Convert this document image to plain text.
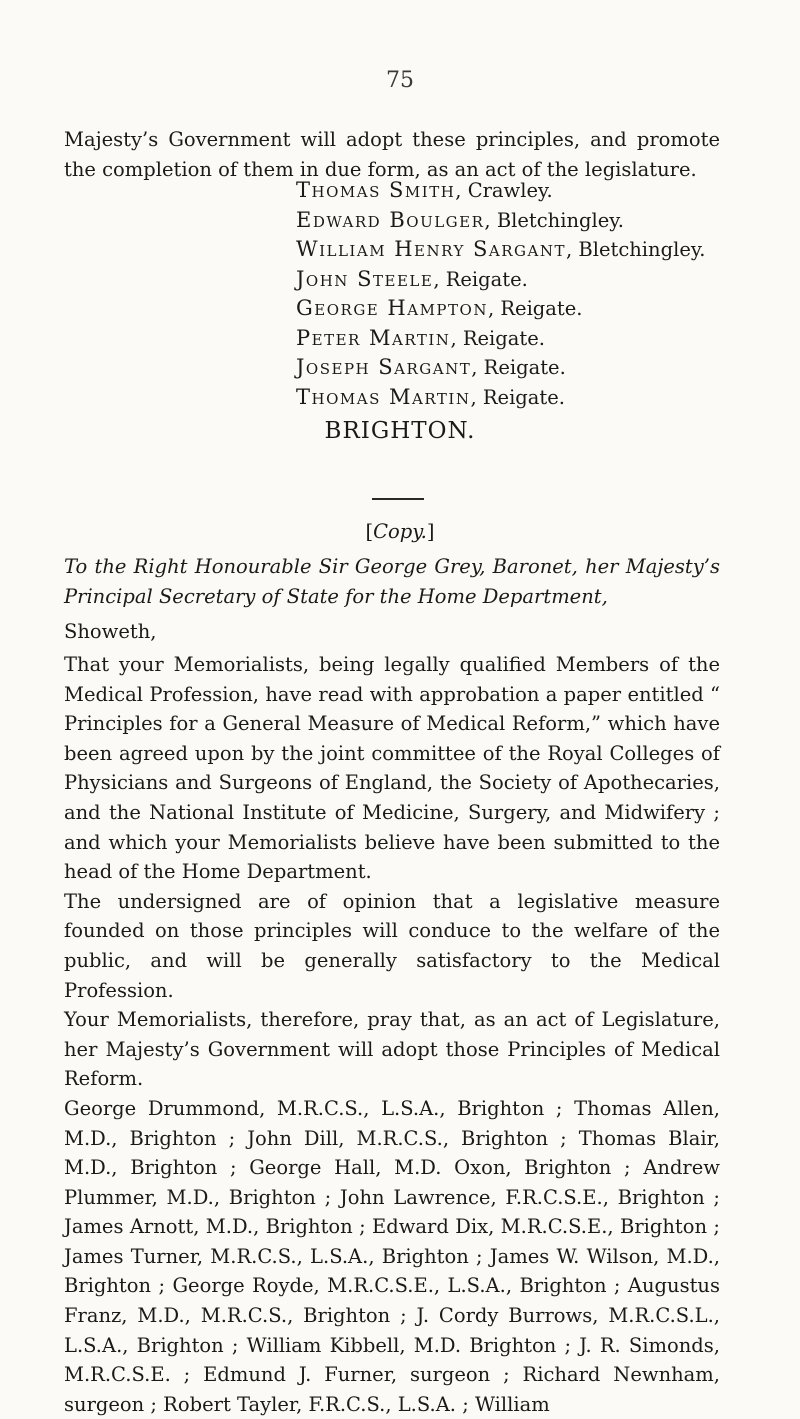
75
Majesty’s Government will adopt these principles, and promote the completion of them in due form, as an act of the legislature.
Thomas Smith, Crawley.
Edward Boulger, Bletchingley.
William Henry Sargant, Bletchingley.
John Steele, Reigate.
George Hampton, Reigate.
Peter Martin, Reigate.
Joseph Sargant, Reigate.
Thomas Martin, Reigate.
BRIGHTON.
[Copy.]
To the Right Honourable Sir George Grey, Baronet, her Majesty’s Principal Secretary of State for the Home Department,
Showeth,

That your Memorialists, being legally qualified Members of the Medical Profession, have read with approbation a paper entitled “ Principles for a General Measure of Medical Reform,” which have been agreed upon by the joint committee of the Royal Colleges of Physicians and Surgeons of England, the Society of Apothecaries, and the National Institute of Medicine, Surgery, and Midwifery ; and which your Memorialists believe have been submitted to the head of the Home Department.

The undersigned are of opinion that a legislative measure founded on those principles will conduce to the welfare of the public, and will be generally satisfactory to the Medical Profession.

Your Memorialists, therefore, pray that, as an act of Legislature, her Majesty’s Government will adopt those Principles of Medical Reform.

George Drummond, M.R.C.S., L.S.A., Brighton ; Thomas Allen, M.D., Brighton ; John Dill, M.R.C.S., Brighton ; Thomas Blair, M.D., Brighton ; George Hall, M.D. Oxon, Brighton ; Andrew Plummer, M.D., Brighton ; John Lawrence, F.R.C.S.E., Brighton ; James Arnott, M.D., Brighton ; Edward Dix, M.R.C.S.E., Brighton ; James Turner, M.R.C.S., L.S.A., Brighton ; James W. Wilson, M.D., Brighton ; George Royde, M.R.C.S.E., L.S.A., Brighton ; Augustus Franz, M.D., M.R.C.S., Brighton ; J. Cordy Burrows, M.R.C.S.L., L.S.A., Brighton ; William Kibbell, M.D. Brighton ; J. R. Simonds, M.R.C.S.E. ; Edmund J. Furner, surgeon ; Richard Newnham, surgeon ; Robert Tayler, F.R.C.S., L.S.A. ; William
